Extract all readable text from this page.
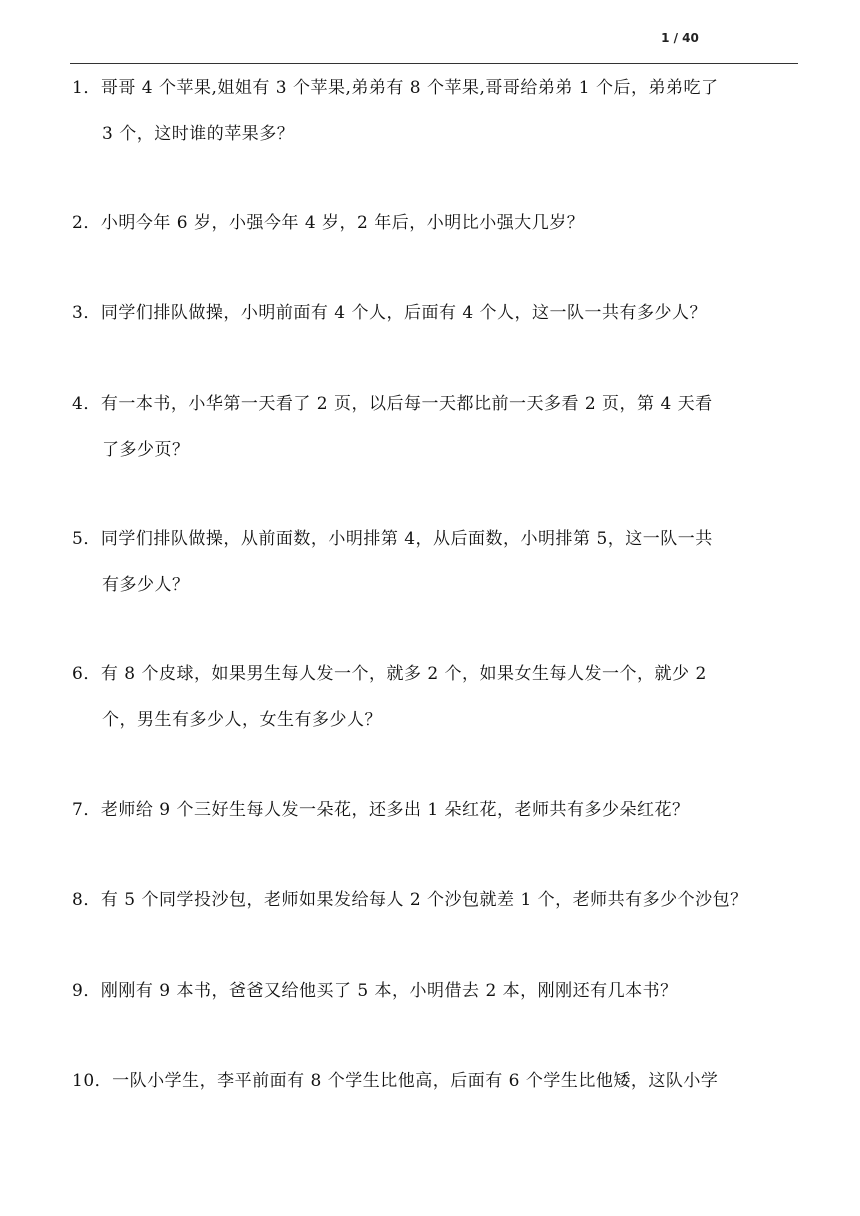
1 / 40
1．哥哥 4 个苹果,姐姐有 3 个苹果,弟弟有 8 个苹果,哥哥给弟弟 1 个后，弟弟吃了
3 个，这时谁的苹果多？
2．小明今年 6 岁，小强今年 4 岁，2 年后，小明比小强大几岁？
3．同学们排队做操，小明前面有 4 个人，后面有 4 个人，这一队一共有多少人？
4．有一本书，小华第一天看了 2 页，以后每一天都比前一天多看 2 页，第 4 天看
了多少页？
5．同学们排队做操，从前面数，小明排第 4，从后面数，小明排第 5，这一队一共
有多少人？
6．有 8 个皮球，如果男生每人发一个，就多 2 个，如果女生每人发一个，就少 2
个，男生有多少人，女生有多少人？
7．老师给 9 个三好生每人发一朵花，还多出 1 朵红花，老师共有多少朵红花？
8．有 5 个同学投沙包，老师如果发给每人 2 个沙包就差 1 个，老师共有多少个沙包？
9．刚刚有 9 本书，爸爸又给他买了 5 本，小明借去 2 本，刚刚还有几本书？
10．一队小学生，李平前面有 8 个学生比他高，后面有 6 个学生比他矮，这队小学
